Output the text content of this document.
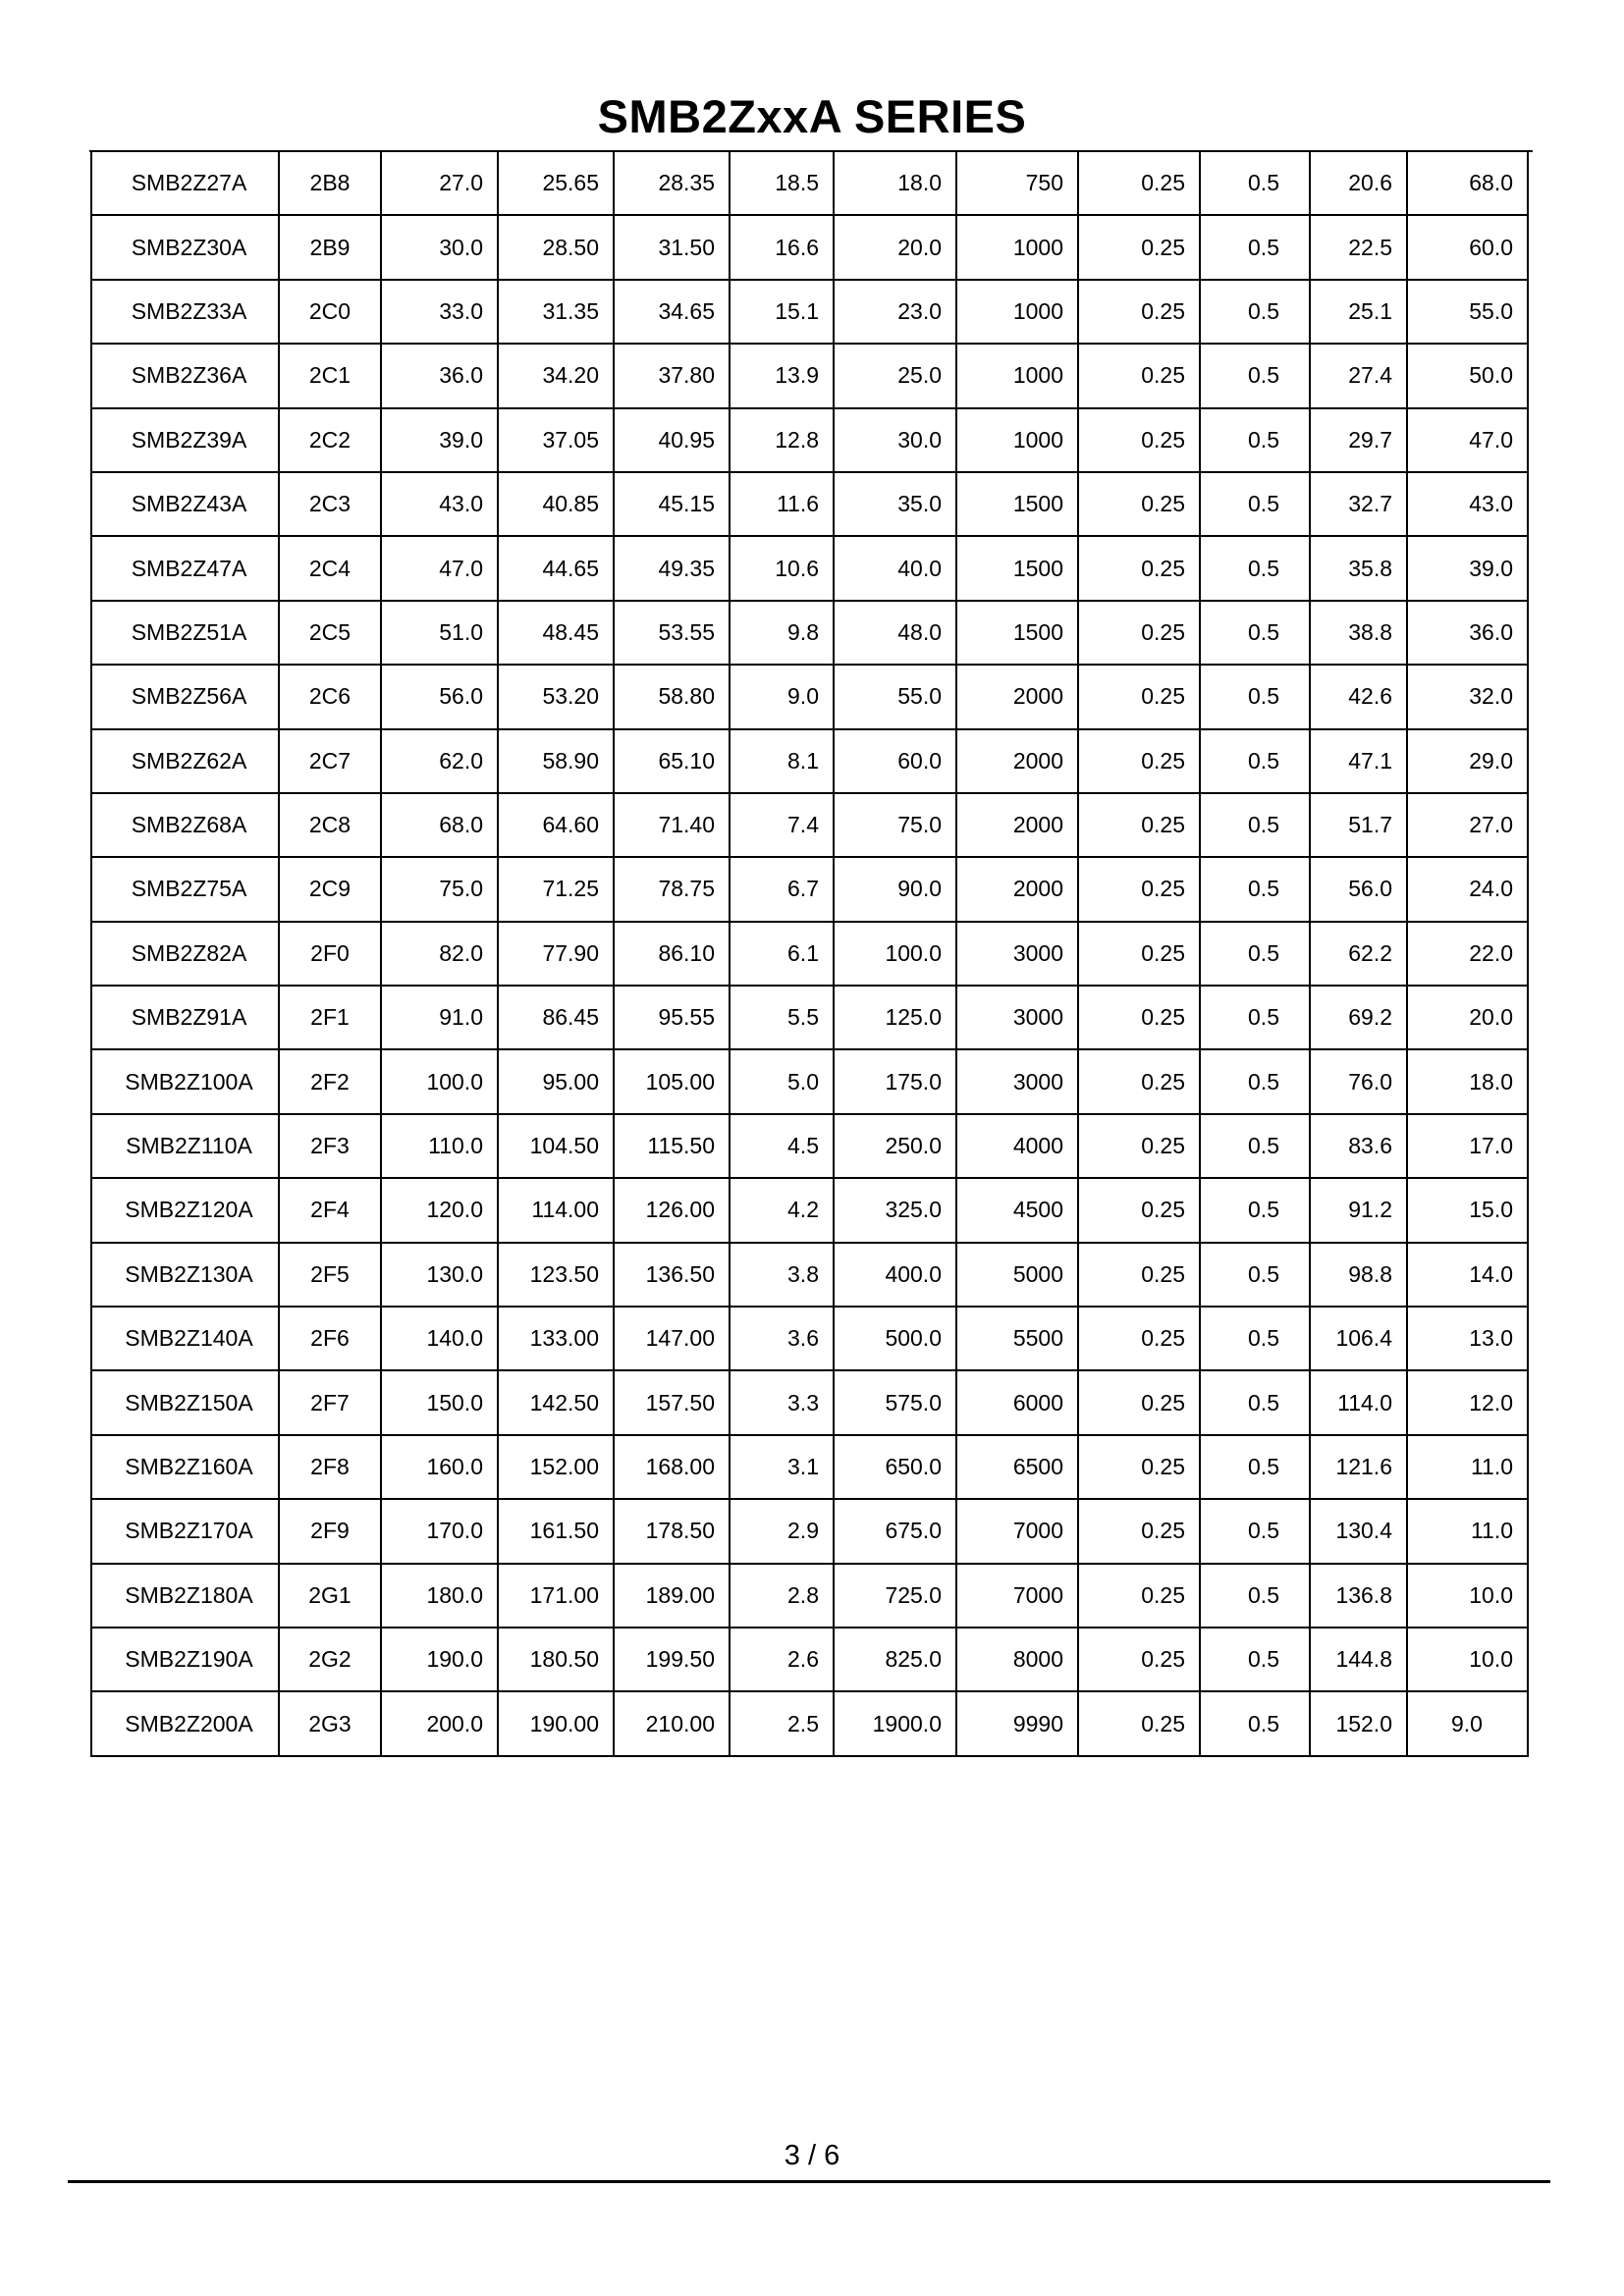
SMB2ZxxA SERIES
SMB2Z27A	2B8	27.0	25.65	28.35	18.5	18.0	750	0.25	0.5	20.6	68.0
SMB2Z30A	2B9	30.0	28.50	31.50	16.6	20.0	1000	0.25	0.5	22.5	60.0
SMB2Z33A	2C0	33.0	31.35	34.65	15.1	23.0	1000	0.25	0.5	25.1	55.0
SMB2Z36A	2C1	36.0	34.20	37.80	13.9	25.0	1000	0.25	0.5	27.4	50.0
SMB2Z39A	2C2	39.0	37.05	40.95	12.8	30.0	1000	0.25	0.5	29.7	47.0
SMB2Z43A	2C3	43.0	40.85	45.15	11.6	35.0	1500	0.25	0.5	32.7	43.0
SMB2Z47A	2C4	47.0	44.65	49.35	10.6	40.0	1500	0.25	0.5	35.8	39.0
SMB2Z51A	2C5	51.0	48.45	53.55	9.8	48.0	1500	0.25	0.5	38.8	36.0
SMB2Z56A	2C6	56.0	53.20	58.80	9.0	55.0	2000	0.25	0.5	42.6	32.0
SMB2Z62A	2C7	62.0	58.90	65.10	8.1	60.0	2000	0.25	0.5	47.1	29.0
SMB2Z68A	2C8	68.0	64.60	71.40	7.4	75.0	2000	0.25	0.5	51.7	27.0
SMB2Z75A	2C9	75.0	71.25	78.75	6.7	90.0	2000	0.25	0.5	56.0	24.0
SMB2Z82A	2F0	82.0	77.90	86.10	6.1	100.0	3000	0.25	0.5	62.2	22.0
SMB2Z91A	2F1	91.0	86.45	95.55	5.5	125.0	3000	0.25	0.5	69.2	20.0
SMB2Z100A	2F2	100.0	95.00	105.00	5.0	175.0	3000	0.25	0.5	76.0	18.0
SMB2Z110A	2F3	110.0	104.50	115.50	4.5	250.0	4000	0.25	0.5	83.6	17.0
SMB2Z120A	2F4	120.0	114.00	126.00	4.2	325.0	4500	0.25	0.5	91.2	15.0
SMB2Z130A	2F5	130.0	123.50	136.50	3.8	400.0	5000	0.25	0.5	98.8	14.0
SMB2Z140A	2F6	140.0	133.00	147.00	3.6	500.0	5500	0.25	0.5	106.4	13.0
SMB2Z150A	2F7	150.0	142.50	157.50	3.3	575.0	6000	0.25	0.5	114.0	12.0
SMB2Z160A	2F8	160.0	152.00	168.00	3.1	650.0	6500	0.25	0.5	121.6	11.0
SMB2Z170A	2F9	170.0	161.50	178.50	2.9	675.0	7000	0.25	0.5	130.4	11.0
SMB2Z180A	2G1	180.0	171.00	189.00	2.8	725.0	7000	0.25	0.5	136.8	10.0
SMB2Z190A	2G2	190.0	180.50	199.50	2.6	825.0	8000	0.25	0.5	144.8	10.0
SMB2Z200A	2G3	200.0	190.00	210.00	2.5	1900.0	9990	0.25	0.5	152.0	9.0
3 / 6
